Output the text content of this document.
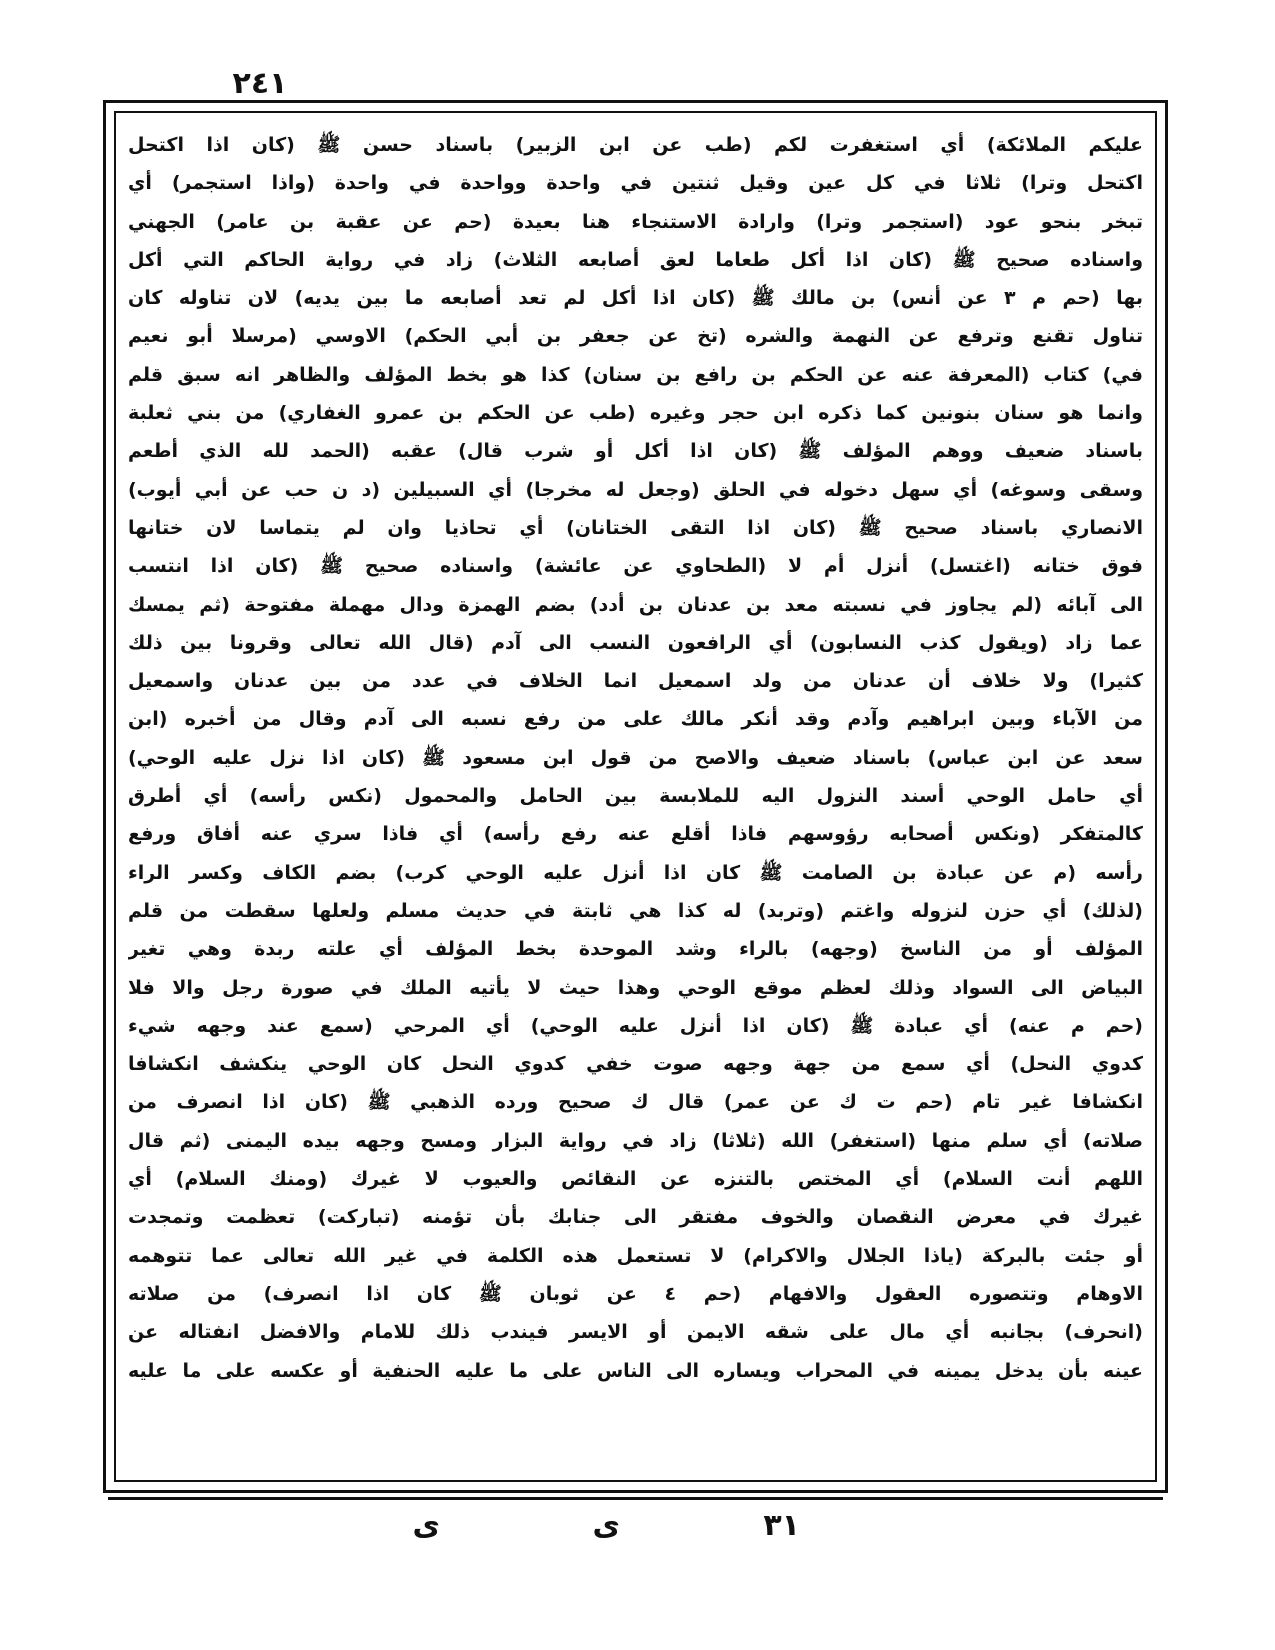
٢٤١
عليكم الملائكة) أي استغفرت لكم (طب عن ابن الزبير) باسناد حسن ﷺ (كان اذا اكتحل
اكتحل وترا) ثلاثا في كل عين وقيل ثنتين في واحدة وواحدة في واحدة (واذا استجمر) أي
تبخر بنحو عود (استجمر وترا) وارادة الاستنجاء هنا بعيدة (حم عن عقبة بن عامر) الجهني
واسناده صحيح ﷺ (كان اذا أكل طعاما لعق أصابعه الثلاث) زاد في رواية الحاكم التي أكل
بها (حم م ٣ عن أنس) بن مالك ﷺ (كان اذا أكل لم تعد أصابعه ما بين يديه) لان تناوله كان
تناول تقنع وترفع عن النهمة والشره (تخ عن جعفر بن أبي الحكم) الاوسي (مرسلا أبو نعيم
في) كتاب (المعرفة عنه عن الحكم بن رافع بن سنان) كذا هو بخط المؤلف والظاهر انه سبق قلم
وانما هو سنان بنونين كما ذكره ابن حجر وغيره (طب عن الحكم بن عمرو الغفاري) من بني ثعلبة
باسناد ضعيف ووهم المؤلف ﷺ (كان اذا أكل أو شرب قال) عقبه (الحمد لله الذي أطعم
وسقى وسوغه) أي سهل دخوله في الحلق (وجعل له مخرجا) أي السبيلين (د ن حب عن أبي أيوب)
الانصاري باسناد صحيح ﷺ (كان اذا التقى الختانان) أي تحاذيا وان لم يتماسا لان ختانها
فوق ختانه (اغتسل) أنزل أم لا (الطحاوي عن عائشة) واسناده صحيح ﷺ (كان اذا انتسب
الى آبائه (لم يجاوز في نسبته معد بن عدنان بن أدد) بضم الهمزة ودال مهملة مفتوحة (ثم يمسك
عما زاد (ويقول كذب النسابون) أي الرافعون النسب الى آدم (قال الله تعالى وقرونا بين ذلك
كثيرا) ولا خلاف أن عدنان من ولد اسمعيل انما الخلاف في عدد من بين عدنان واسمعيل
من الآباء وبين ابراهيم وآدم وقد أنكر مالك على من رفع نسبه الى آدم وقال من أخبره (ابن
سعد عن ابن عباس) باسناد ضعيف والاصح من قول ابن مسعود ﷺ (كان اذا نزل عليه الوحي)
أي حامل الوحي أسند النزول اليه للملابسة بين الحامل والمحمول (نكس رأسه) أي أطرق
كالمتفكر (ونكس أصحابه رؤوسهم فاذا أقلع عنه رفع رأسه) أي فاذا سري عنه أفاق ورفع
رأسه (م عن عبادة بن الصامت ﷺ كان اذا أنزل عليه الوحي كرب) بضم الكاف وكسر الراء
(لذلك) أي حزن لنزوله واغتم (وتربد) له كذا هي ثابتة في حديث مسلم ولعلها سقطت من قلم
المؤلف أو من الناسخ (وجهه) بالراء وشد الموحدة بخط المؤلف أي علته ربدة وهي تغير
البياض الى السواد وذلك لعظم موقع الوحي وهذا حيث لا يأتيه الملك في صورة رجل والا فلا
(حم م عنه) أي عبادة ﷺ (كان اذا أنزل عليه الوحي) أي المرحي (سمع عند وجهه شيء
كدوي النحل) أي سمع من جهة وجهه صوت خفي كدوي النحل كان الوحي ينكشف انكشافا
انكشافا غير تام (حم ت ك عن عمر) قال ك صحيح ورده الذهبي ﷺ (كان اذا انصرف من
صلاته) أي سلم منها (استغفر) الله (ثلاثا) زاد في رواية البزار ومسح وجهه بيده اليمنى (ثم قال
اللهم أنت السلام) أي المختص بالتنزه عن النقائص والعيوب لا غيرك (ومنك السلام) أي
غيرك في معرض النقصان والخوف مفتقر الى جنابك بأن تؤمنه (تباركت) تعظمت وتمجدت
أو جئت بالبركة (ياذا الجلال والاكرام) لا تستعمل هذه الكلمة في غير الله تعالى عما تتوهمه
الاوهام وتتصوره العقول والافهام (حم ٤ عن ثوبان ﷺ كان اذا انصرف) من صلاته
(انحرف) بجانبه أي مال على شقه الايمن أو الايسر فيندب ذلك للامام والافضل انفتاله عن
عينه بأن يدخل يمينه في المحراب ويساره الى الناس على ما عليه الحنفية أو عكسه على ما عليه
٣١
ى
ى
